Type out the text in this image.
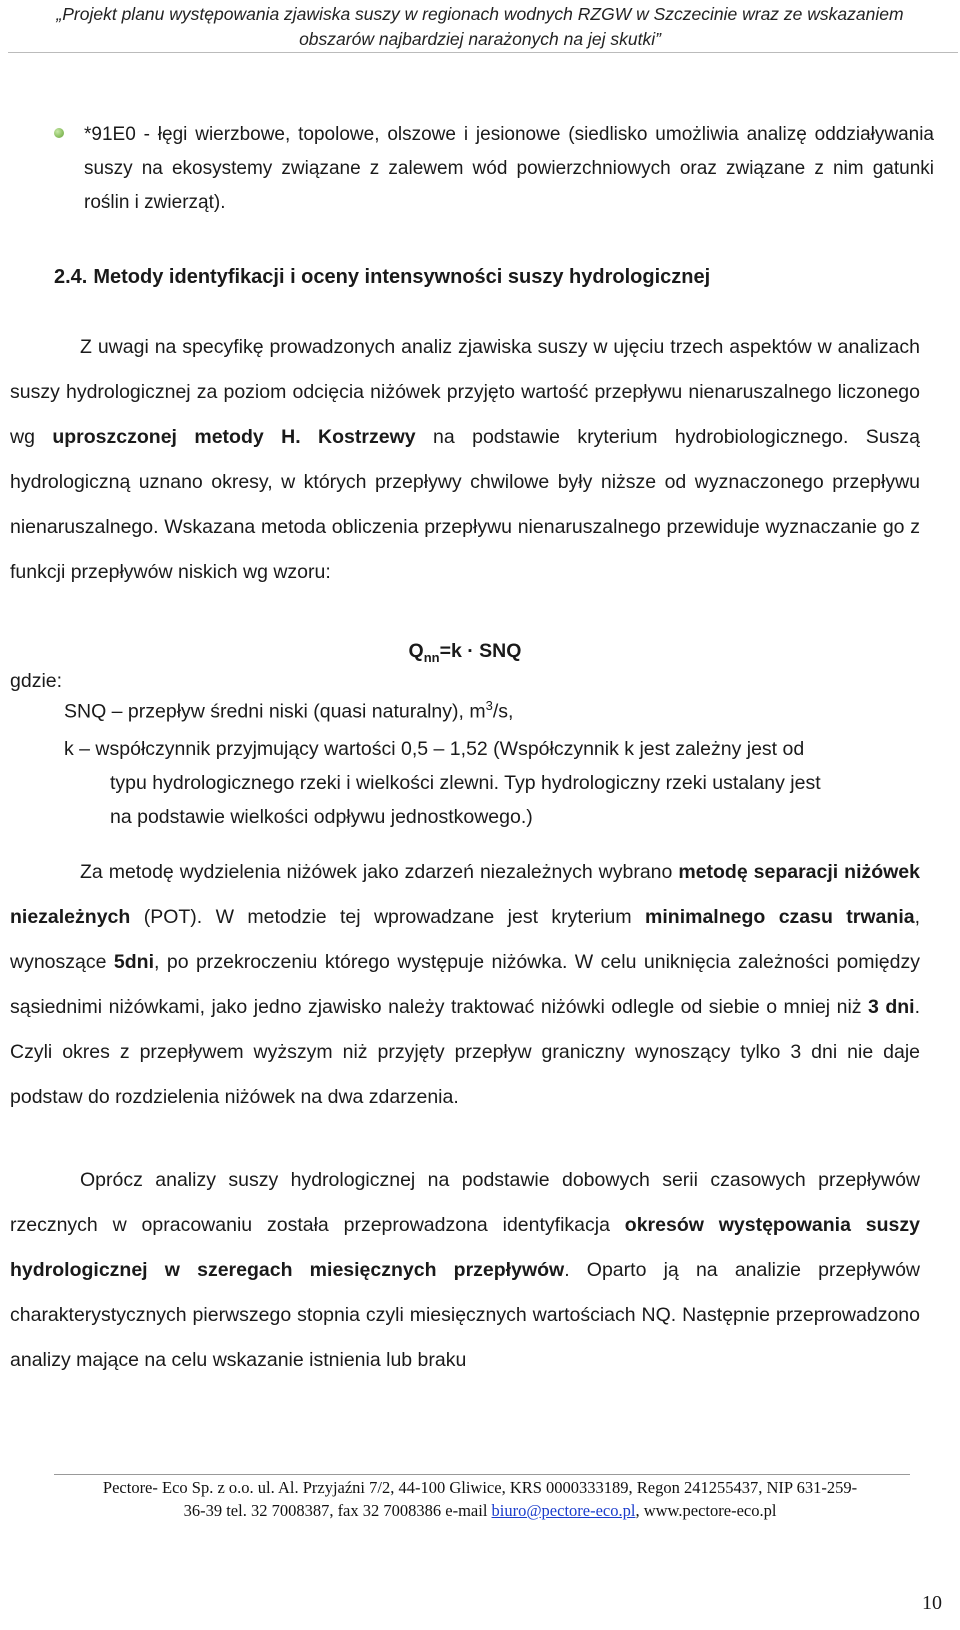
„Projekt planu występowania zjawiska suszy w regionach wodnych RZGW w Szczecinie wraz ze wskazaniem
obszarów najbardziej narażonych na jej skutki”
*91E0 - łęgi wierzbowe, topolowe, olszowe i jesionowe (siedlisko umożliwia analizę oddziaływania suszy na ekosystemy związane z zalewem wód powierzchniowych oraz związane z nim gatunki roślin i zwierząt).
2.4. Metody identyfikacji i oceny intensywności suszy hydrologicznej
Z uwagi na specyfikę prowadzonych analiz zjawiska suszy w ujęciu trzech aspektów w analizach suszy hydrologicznej za poziom odcięcia niżówek przyjęto wartość przepływu nienaruszalnego liczonego wg uproszczonej metody H. Kostrzewy na podstawie kryterium hydrobiologicznego. Suszą hydrologiczną uznano okresy, w których przepływy chwilowe były niższe od wyznaczonego przepływu nienaruszalnego. Wskazana metoda obliczenia przepływu nienaruszalnego przewiduje wyznaczanie go z funkcji przepływów niskich wg wzoru:
$Q_{nn}=k$ · SNQ
gdzie:
SNQ – przepływ średni niski (quasi naturalny), $m^3/s$,
k – współczynnik przyjmujący wartości 0,5 – 1,52 (Współczynnik k jest zależny jest od
typu hydrologicznego rzeki i wielkości zlewni. Typ hydrologiczny rzeki ustalany jest
na podstawie wielkości odpływu jednostkowego.)
Za metodę wydzielenia niżówek jako zdarzeń niezależnych wybrano metodę separacji niżówek niezależnych (POT). W metodzie tej wprowadzane jest kryterium minimalnego czasu trwania, wynoszące 5dni, po przekroczeniu którego występuje niżówka. W celu uniknięcia zależności pomiędzy sąsiednimi niżówkami, jako jedno zjawisko należy traktować niżówki odlegle od siebie o mniej niż 3 dni. Czyli okres z przepływem wyższym niż przyjęty przepływ graniczny wynoszący tylko 3 dni nie daje podstaw do rozdzielenia niżówek na dwa zdarzenia.
Oprócz analizy suszy hydrologicznej na podstawie dobowych serii czasowych przepływów rzecznych w opracowaniu została przeprowadzona identyfikacja okresów występowania suszy hydrologicznej w szeregach miesięcznych przepływów. Oparto ją na analizie przepływów charakterystycznych pierwszego stopnia czyli miesięcznych wartościach NQ. Następnie przeprowadzono analizy mające na celu wskazanie istnienia lub braku
Pectore- Eco Sp. z o.o. ul. Al. Przyjaźni 7/2, 44-100 Gliwice, KRS 0000333189, Regon 241255437, NIP 631-259-
36-39 tel. 32 7008387, fax 32 7008386 e-mail biuro@pectore-eco.pl, www.pectore-eco.pl
10
